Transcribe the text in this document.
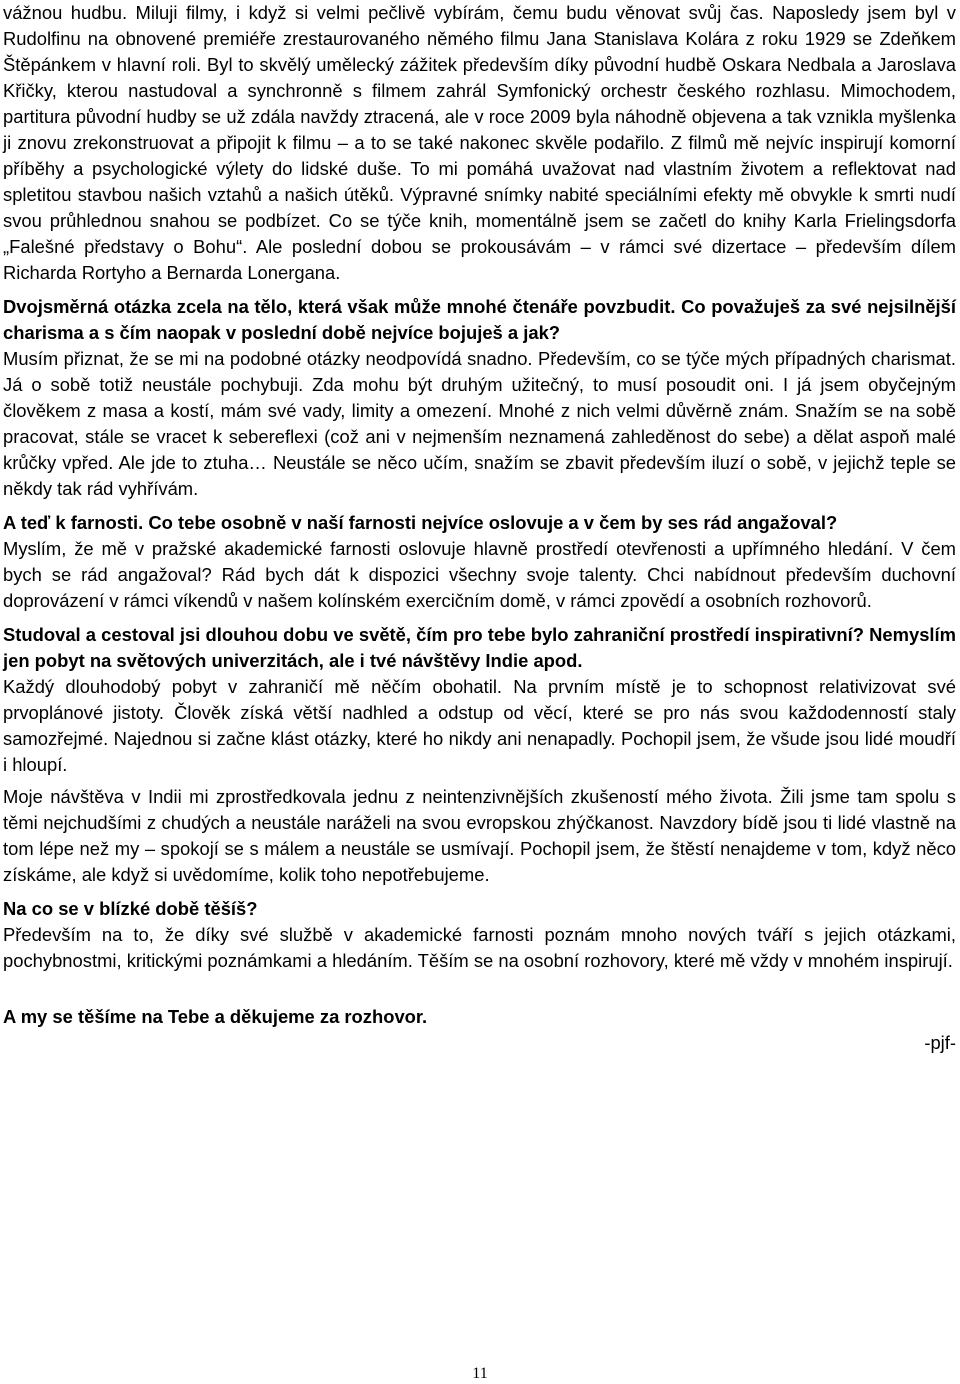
vážnou hudbu. Miluji filmy, i když si velmi pečlivě vybírám, čemu budu věnovat svůj čas. Naposledy jsem byl v Rudolfinu na obnovené premiéře zrestaurovaného němého filmu Jana Stanislava Kolára z roku 1929 se Zdeňkem Štěpánkem v hlavní roli. Byl to skvělý umělecký zážitek především díky původní hudbě Oskara Nedbala a Jaroslava Křičky, kterou nastudoval a synchronně s filmem zahrál Symfonický orchestr českého rozhlasu. Mimochodem, partitura původní hudby se už zdála navždy ztracená, ale v roce 2009 byla náhodně objevena a tak vznikla myšlenka ji znovu zrekonstruovat a připojit k filmu – a to se také nakonec skvěle podařilo. Z filmů mě nejvíc inspirují komorní příběhy a psychologické výlety do lidské duše. To mi pomáhá uvažovat nad vlastním životem a reflektovat nad spletitou stavbou našich vztahů a našich útěků. Výpravné snímky nabité speciálními efekty mě obvykle k smrti nudí svou průhlednou snahou se podbízet. Co se týče knih, momentálně jsem se začetl do knihy Karla Frielingsdorfa „Falešné představy o Bohu“. Ale poslední dobou se prokousávám – v rámci své dizertace – především dílem Richarda Rortyho a Bernarda Lonergana.

Dvojsměrná otázka zcela na tělo, která však může mnohé čtenáře povzbudit. Co považuješ za své nejsilnější charisma a s čím naopak v poslední době nejvíce bojuješ a jak?

Musím přiznat, že se mi na podobné otázky neodpovídá snadno. Především, co se týče mých případných charismat. Já o sobě totiž neustále pochybuji. Zda mohu být druhým užitečný, to musí posoudit oni. I já jsem obyčejným člověkem z masa a kostí, mám své vady, limity a omezení. Mnohé z nich velmi důvěrně znám. Snažím se na sobě pracovat, stále se vracet k sebereflexi (což ani v nejmenším neznamená zahleděnost do sebe) a dělat aspoň malé krůčky vpřed. Ale jde to ztuha… Neustále se něco učím, snažím se zbavit především iluzí o sobě, v jejichž teple se někdy tak rád vyhřívám.

A teď k farnosti. Co tebe osobně v naší farnosti nejvíce oslovuje a v čem by ses rád angažoval?

Myslím, že mě v pražské akademické farnosti oslovuje hlavně prostředí otevřenosti a upřímného hledání. V čem bych se rád angažoval? Rád bych dát k dispozici všechny svoje talenty. Chci nabídnout především duchovní doprovázení v rámci víkendů v našem kolínském exercičním domě, v rámci zpovědí a osobních rozhovorů.

Studoval a cestoval jsi dlouhou dobu ve světě, čím pro tebe bylo zahraniční prostředí inspirativní? Nemyslím jen pobyt na světových univerzitách, ale i tvé návštěvy Indie apod.

Každý dlouhodobý pobyt v zahraničí mě něčím obohatil. Na prvním místě je to schopnost relativizovat své prvoplánové jistoty. Člověk získá větší nadhled a odstup od věcí, které se pro nás svou každodenností staly samozřejmé. Najednou si začne klást otázky, které ho nikdy ani nenapadly. Pochopil jsem, že všude jsou lidé moudří i hloupí.

Moje návštěva v Indii mi zprostředkovala jednu z neintenzivnějších zkušeností mého života. Žili jsme tam spolu s těmi nejchudšími z chudých a neustále naráželi na svou evropskou zhýčkanost. Navzdory bídě jsou ti lidé vlastně na tom lépe než my – spokojí se s málem a neustále se usmívají. Pochopil jsem, že štěstí nenajdeme v tom, když něco získáme, ale když si uvědomíme, kolik toho nepotřebujeme.

Na co se v blízké době těšíš?

Především na to, že díky své službě v akademické farnosti poznám mnoho nových tváří s jejich otázkami, pochybnostmi, kritickými poznámkami a hledáním. Těším se na osobní rozhovory, které mě vždy v mnohém inspirují.

A my se těšíme na Tebe a děkujeme za rozhovor.

-pjf-

11
